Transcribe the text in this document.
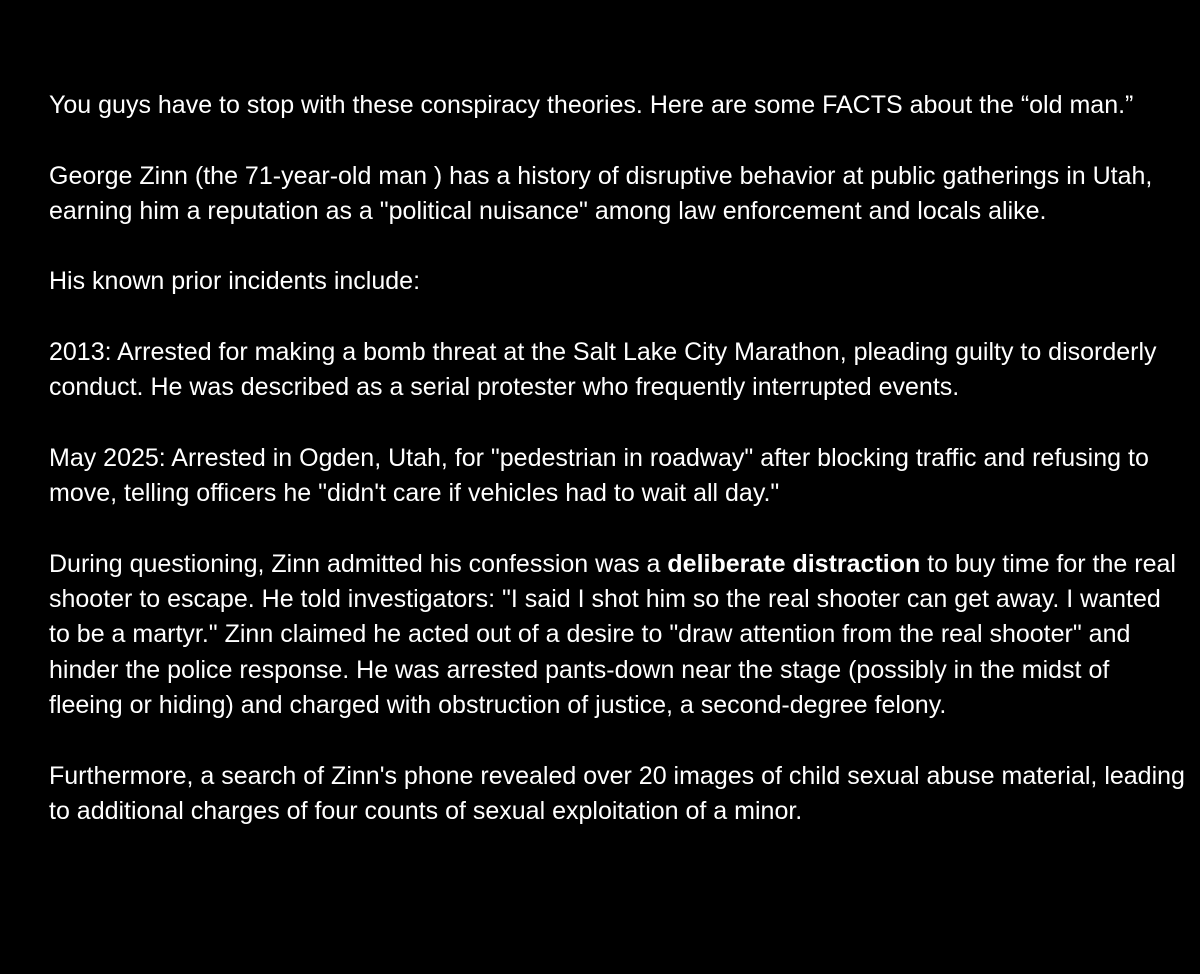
You guys have to stop with these conspiracy theories. Here are some FACTS about the “old man.”

George Zinn (the 71-year-old man ) has a history of disruptive behavior at public gatherings in Utah, earning him a reputation as a "political nuisance" among law enforcement and locals alike.

His known prior incidents include:

2013: Arrested for making a bomb threat at the Salt Lake City Marathon, pleading guilty to disorderly conduct. He was described as a serial protester who frequently interrupted events.

May 2025: Arrested in Ogden, Utah, for "pedestrian in roadway" after blocking traffic and refusing to move, telling officers he "didn't care if vehicles had to wait all day."

During questioning, Zinn admitted his confession was a deliberate distraction to buy time for the real shooter to escape. He told investigators: "I said I shot him so the real shooter can get away. I wanted to be a martyr." Zinn claimed he acted out of a desire to "draw attention from the real shooter" and hinder the police response. He was arrested pants-down near the stage (possibly in the midst of fleeing or hiding) and charged with obstruction of justice, a second-degree felony.

Furthermore, a search of Zinn's phone revealed over 20 images of child sexual abuse material, leading to additional charges of four counts of sexual exploitation of a minor.
